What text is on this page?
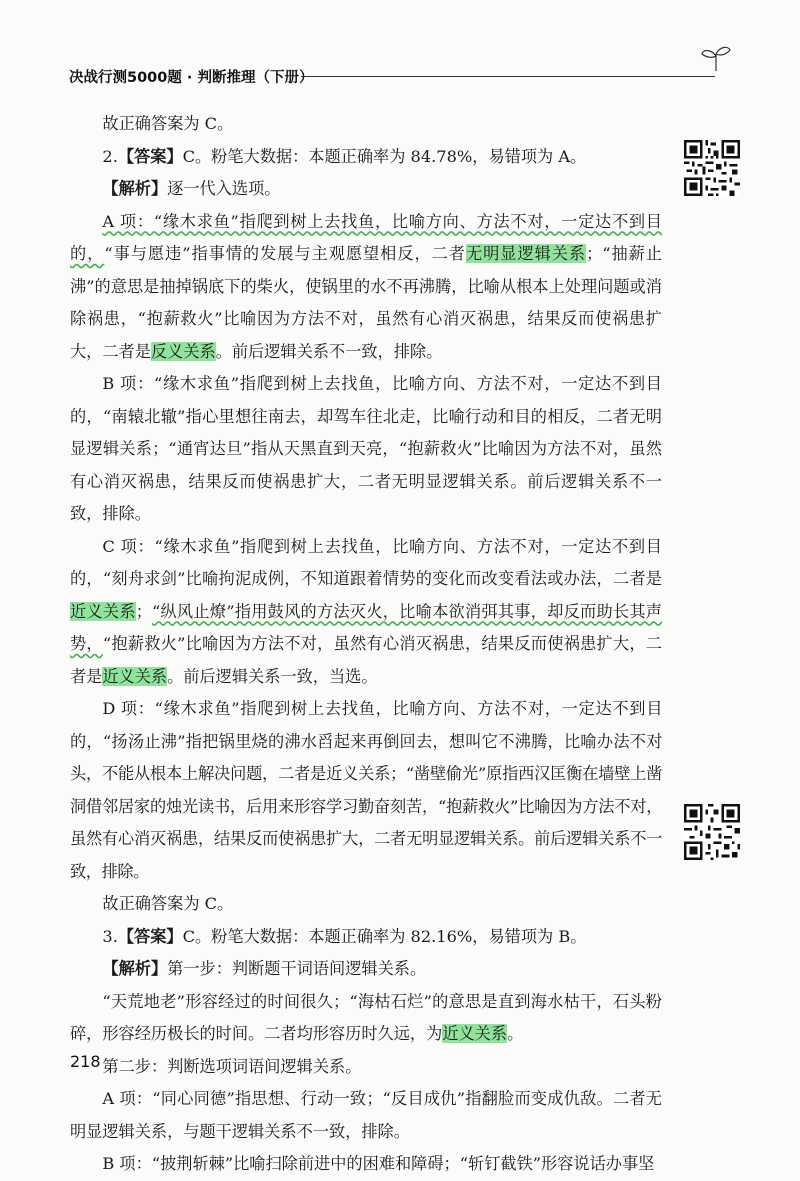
决战行测5000题 · 判断推理（下册）

故正确答案为 C。

2.【答案】C。粉笔大数据：本题正确率为 84.78%，易错项为 A。

【解析】逐一代入选项。

A 项：“缘木求鱼”指爬到树上去找鱼，比喻方向、方法不对，一定达不到目的，“事与愿违”指事情的发展与主观愿望相反，二者无明显逻辑关系；“抽薪止沸”的意思是抽掉锅底下的柴火，使锅里的水不再沸腾，比喻从根本上处理问题或消除祸患，“抱薪救火”比喻因为方法不对，虽然有心消灭祸患，结果反而使祸患扩大，二者是反义关系。前后逻辑关系不一致，排除。

B 项：“缘木求鱼”指爬到树上去找鱼，比喻方向、方法不对，一定达不到目的，“南辕北辙”指心里想往南去，却驾车往北走，比喻行动和目的相反，二者无明显逻辑关系；“通宵达旦”指从天黑直到天亮，“抱薪救火”比喻因为方法不对，虽然有心消灭祸患，结果反而使祸患扩大，二者无明显逻辑关系。前后逻辑关系不一致，排除。

C 项：“缘木求鱼”指爬到树上去找鱼，比喻方向、方法不对，一定达不到目的，“刻舟求剑”比喻拘泥成例，不知道跟着情势的变化而改变看法或办法，二者是近义关系；“纵风止燎”指用鼓风的方法灭火，比喻本欲消弭其事，却反而助长其声势，“抱薪救火”比喻因为方法不对，虽然有心消灭祸患，结果反而使祸患扩大，二者是近义关系。前后逻辑关系一致，当选。

D 项：“缘木求鱼”指爬到树上去找鱼，比喻方向、方法不对，一定达不到目的，“扬汤止沸”指把锅里烧的沸水舀起来再倒回去，想叫它不沸腾，比喻办法不对头，不能从根本上解决问题，二者是近义关系；“凿壁偷光”原指西汉匡衡在墙壁上凿洞借邻居家的烛光读书，后用来形容学习勤奋刻苦，“抱薪救火”比喻因为方法不对，虽然有心消灭祸患，结果反而使祸患扩大，二者无明显逻辑关系。前后逻辑关系不一致，排除。

故正确答案为 C。

3.【答案】C。粉笔大数据：本题正确率为 82.16%，易错项为 B。

【解析】第一步：判断题干词语间逻辑关系。

“天荒地老”形容经过的时间很久；“海枯石烂”的意思是直到海水枯干，石头粉碎，形容经历极长的时间。二者均形容历时久远，为近义关系。

第二步：判断选项词语间逻辑关系。

A 项：“同心同德”指思想、行动一致；“反目成仇”指翻脸而变成仇敌。二者无明显逻辑关系，与题干逻辑关系不一致，排除。

B 项：“披荆斩棘”比喻扫除前进中的困难和障碍；“斩钉截铁”形容说话办事坚

218
